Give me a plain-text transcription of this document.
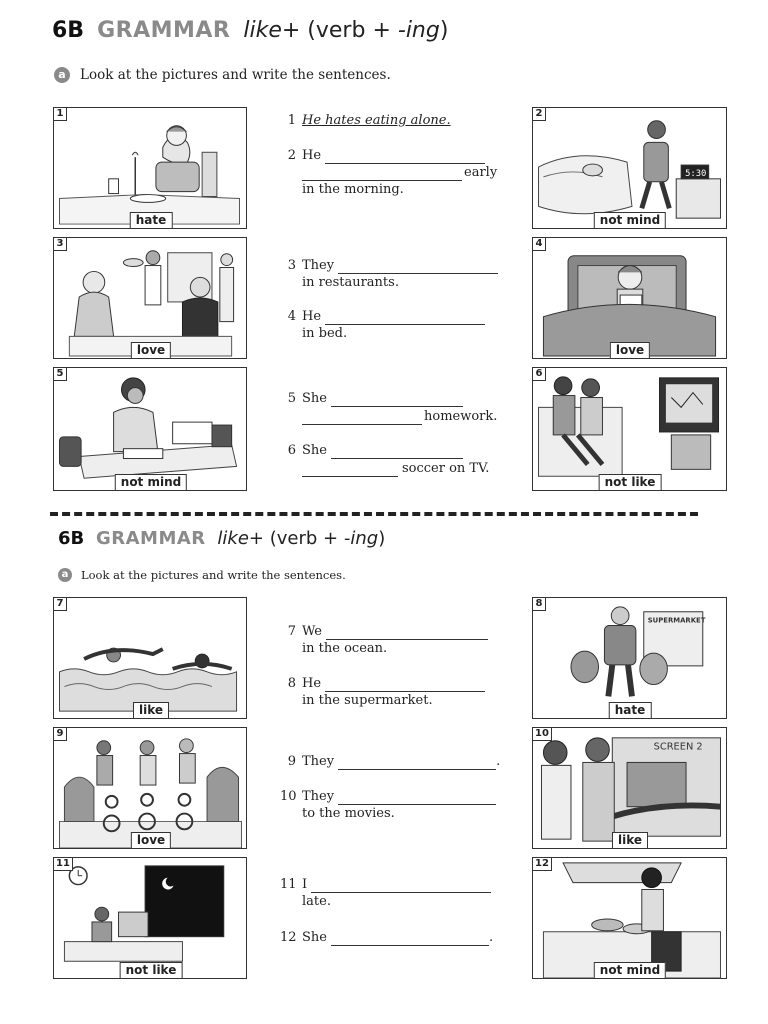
6B GRAMMAR like+ (verb + -ing)
a	Look at the pictures and write the sentences.
1
hate
5:30
2
not mind
3
love
4
love
5
not mind
6
not like
1 He hates eating alone.
2 He
early
in the morning.
3 They
in restaurants.
4 He
in bed.
5 She
homework.
6 She
soccer on TV.
6B GRAMMAR like+ (verb + -ing)
a	Look at the pictures and write the sentences.
7
like
SUPERMARKET
8
hate
9
love
SCREEN 2
10
like
11
not like
12
not mind
7 We
in the ocean.
8 He
in the supermarket.
9 They	.
10 They
to the movies.
11 I
late.
12 She	.
